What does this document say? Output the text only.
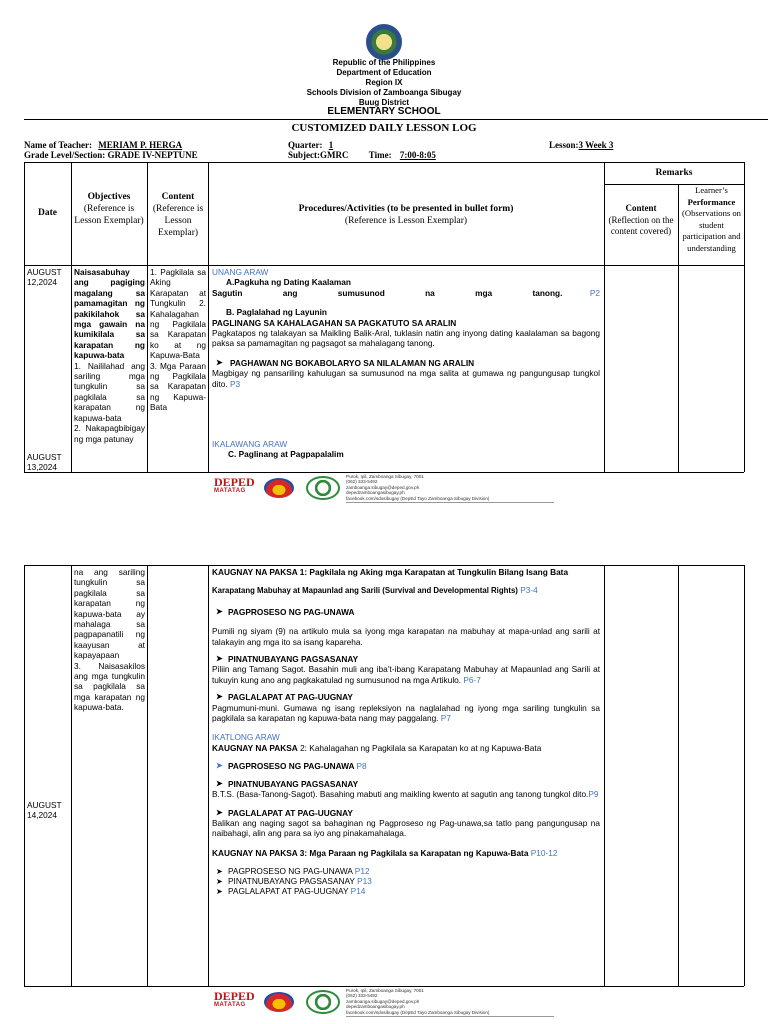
Republic of the Philippines
Department of Education
Region IX
Schools Division of Zamboanga Sibugay
Buug District
ELEMENTARY SCHOOL
CUSTOMIZED DAILY LESSON LOG
Name of Teacher: MERIAM P. HERGA
Grade Level/Section: GRADE IV-NEPTUNE
Quarter: 1
Subject:GMRC Time: 7:00-8:05
Lesson:3 Week 3
Remarks
Date
Objectives
(Reference is Lesson Exemplar)
Content
(Reference is Lesson Exemplar)
Procedures/Activities (to be presented in bullet form)
(Reference is Lesson Exemplar)
Content
(Reflection on the content covered)
Learner’s
Performance
(Observations on student participation and understanding
AUGUST 12,2024
AUGUST 13,2024
Naisasabuhay ang pagiging magalang sa pamamagitan ng pakikilahok sa mga gawain na kumikilala sa karapatan ng kapuwa-bata
1. Naililahad ang sariling mga tungkulin sa pagkilala sa karapatan ng kapuwa-bata
2. Nakapagbibigay ng mga patunay
1. Pagkilala sa Aking Karapatan at Tungkulin 2. Kahalagahan ng Pagkilala sa Karapatan ko at ng Kapuwa-Bata 3. Mga Paraan ng Pagkilala sa Karapatan ng Kapuwa-Bata
UNANG ARAW
A.Pagkuha ng Dating Kaalaman
Sagutin ang sumusunod na mga tanong.	P2
B. Paglalahad ng Layunin
PAGLINANG SA KAHALAGAHAN SA PAGKATUTO SA ARALIN
Pagkatapos ng talakayan sa Maikling Balik-Aral, tuklasin natin ang inyong dating kaalalaman sa bagong paksa sa pamamagitan ng pagsagot sa mahalagang tanong.
➤ PAGHAWAN NG BOKABOLARYO SA NILALAMAN NG ARALIN
Magbigay ng pansariling kahulugan sa sumusunod na mga salita at gumawa ng pangungusap tungkol dito. P3
IKALAWANG ARAW
C. Paglinang at Pagpapalalim
DEPED
MATATAG
Purok, Ipil, Zamboanga Sibugay, 7001
(062) 333-5492
zamboanga.sibugay@deped.gov.ph
depedzamboangasibugay.ph
facebook.com/sdosibugay (DepEd Tayo Zamboanga Sibugay Division)
na ang sariling tungkulin sa pagkilala sa karapatan ng kapuwa-bata ay mahalaga sa pagpapanatili ng kaayusan at kapayapaan
3. Naisasakilos ang mga tungkulin sa pagkilala sa mga karapatan ng kapuwa-bata.
AUGUST 14,2024
KAUGNAY NA PAKSA 1: Pagkilala ng Aking mga Karapatan at Tungkulin Bilang Isang Bata
Karapatang Mabuhay at Mapaunlad ang Sarili (Survival and Developmental Rights) P3-4
➤ PAGPROSESO NG PAG-UNAWA
Pumili ng siyam (9) na artikulo mula sa iyong mga karapatan na mabuhay at mapa-unlad ang sarili at talakayin ang mga ito sa isang kapareha.
➤ PINATNUBAYANG PAGSASANAY
Piliin ang Tamang Sagot. Basahin muli ang iba’t-ibang Karapatang Mabuhay at Mapaunlad ang Sarili at tukuyin kung ano ang pagkakatulad ng sumusunod na mga Artikulo. P6-7
➤ PAGLALAPAT AT PAG-UUGNAY
Pagmumuni-muni. Gumawa ng isang repleksiyon na naglalahad ng iyong mga sariling tungkulin sa pagkilala sa karapatan ng kapuwa-bata nang may paggalang. P7
IKATLONG ARAW
KAUGNAY NA PAKSA 2: Kahalagahan ng Pagkilala sa Karapatan ko at ng Kapuwa-Bata
➤ PAGPROSESO NG PAG-UNAWA P8
➤ PINATNUBAYANG PAGSASANAY
B.T.S. (Basa-Tanong-Sagot). Basahing mabuti ang maikling kwento at sagutin ang tanong tungkol dito.P9
➤ PAGLALAPAT AT PAG-UUGNAY
Balikan ang naging sagot sa bahaginan ng Pagproseso ng Pag-unawa,sa tatlo pang pangungusap na naibahagi, alin ang para sa iyo ang pinakamahalaga.
KAUGNAY NA PAKSA 3: Mga Paraan ng Pagkilala sa Karapatan ng Kapuwa-Bata P10-12
➤ PAGPROSESO NG PAG-UNAWA P12
➤ PINATNUBAYANG PAGSASANAY P13
➤ PAGLALAPAT AT PAG-UUGNAY P14
DEPED
MATATAG
Purok, Ipil, Zamboanga Sibugay, 7001
(062) 333-5492
zamboanga.sibugay@deped.gov.ph
depedzamboangasibugay.ph
facebook.com/sdosibugay (DepEd Tayo Zamboanga Sibugay Division)
